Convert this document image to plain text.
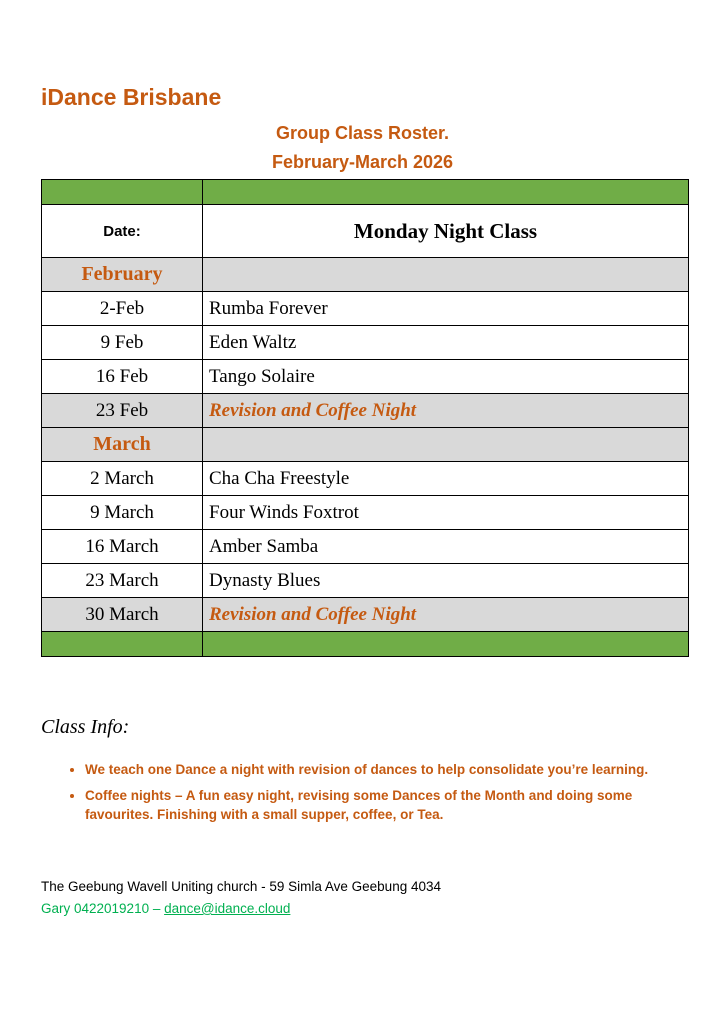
iDance Brisbane
Group Class Roster.
February-March 2026

Date:	Monday Night Class
February	
2-Feb	Rumba Forever
9 Feb	Eden Waltz
16 Feb	Tango Solaire
23 Feb	Revision and Coffee Night
March	
2 March	Cha Cha Freestyle
9 March	Four Winds Foxtrot
16 March	Amber Samba
23 March	Dynasty Blues
30 March	Revision and Coffee Night

Class Info:
• We teach one Dance a night with revision of dances to help consolidate you’re learning.
• Coffee nights – A fun easy night, revising some Dances of the Month and doing some favourites. Finishing with a small supper, coffee, or Tea.
The Geebung Wavell Uniting church - 59 Simla Ave Geebung 4034
Gary 0422019210 – dance@idance.cloud
